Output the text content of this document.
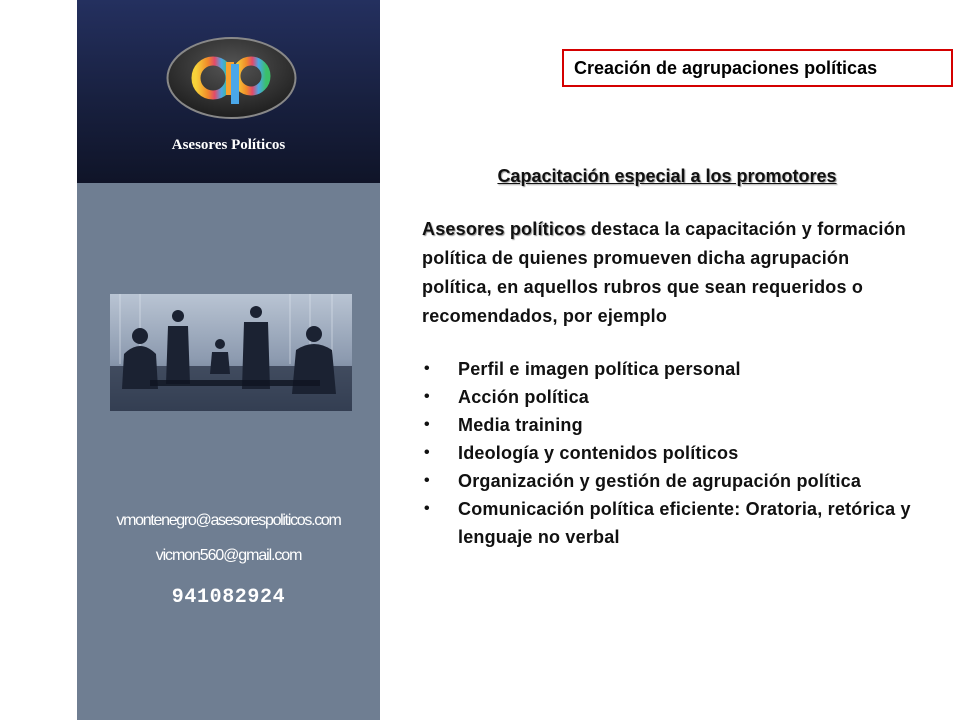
Asesores Políticos
vmontenegro@asesorespoliticos.com
vicmon560@gmail.com
941082924
Creación de agrupaciones políticas
Capacitación especial a los promotores

Asesores políticos destaca la capacitación y formación política de quienes promueven dicha agrupación política, en aquellos rubros que sean requeridos o recomendados, por ejemplo

• Perfil e imagen política personal
• Acción política
• Media training
• Ideología y contenidos políticos
• Organización y gestión de agrupación política
• Comunicación política eficiente: Oratoria, retórica y lenguaje no verbal
